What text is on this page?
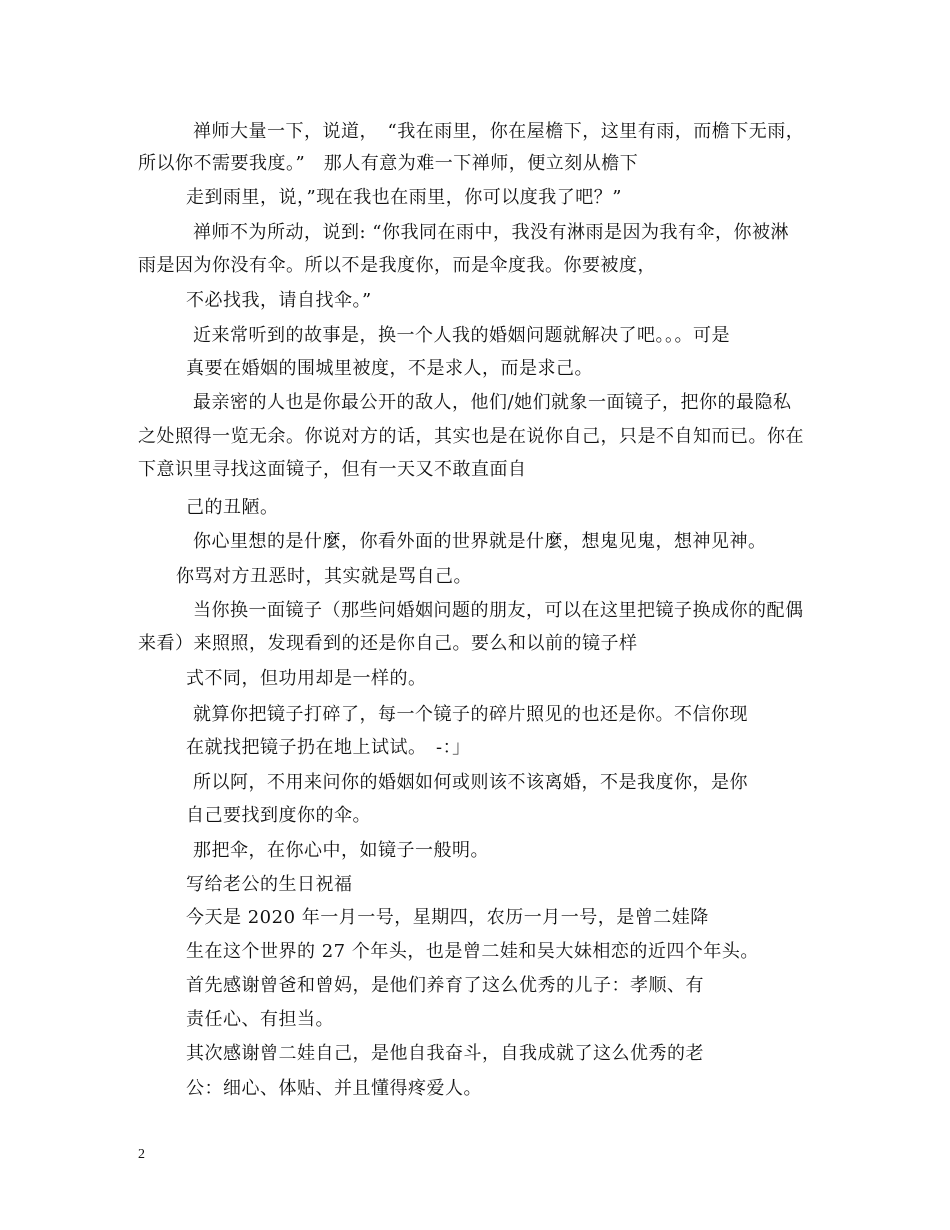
禅师大量一下，说道，　“我在雨里，你在屋檐下，这里有雨，而檐下无雨，
所以你不需要我度。”　那人有意为难一下禅师，便立刻从檐下
走到雨里，说，”现在我也在雨里，你可以度我了吧？”
禅师不为所动，说到: “你我同在雨中，我没有淋雨是因为我有伞，你被淋
雨是因为你没有伞。所以不是我度你，而是伞度我。你要被度，
不必找我，请自找伞。”
近来常听到的故事是，换一个人我的婚姻问题就解决了吧。。。可是
真要在婚姻的围城里被度，不是求人，而是求己。
最亲密的人也是你最公开的敌人，他们/她们就象一面镜子，把你的最隐私
之处照得一览无余。你说对方的话，其实也是在说你自己，只是不自知而已。你在
下意识里寻找这面镜子，但有一天又不敢直面自
己的丑陋。
你心里想的是什麼，你看外面的世界就是什麼，想鬼见鬼，想神见神。
你骂对方丑恶时，其实就是骂自己。
当你换一面镜子（那些问婚姻问题的朋友，可以在这里把镜子换成你的配偶
来看）来照照，发现看到的还是你自己。要么和以前的镜子样
式不同，但功用却是一样的。
就算你把镜子打碎了，每一个镜子的碎片照见的也还是你。不信你现
在就找把镜子扔在地上试试。　-：」
所以阿，不用来问你的婚姻如何或则该不该离婚，不是我度你，是你
自己要找到度你的伞。
那把伞，在你心中，如镜子一般明。
写给老公的生日祝福
今天是 2020 年一月一号，星期四，农历一月一号，是曾二娃降
生在这个世界的 27 个年头，也是曾二娃和吴大妹相恋的近四个年头。
首先感谢曾爸和曾妈，是他们养育了这么优秀的儿子：孝顺、有
责任心、有担当。
其次感谢曾二娃自己，是他自我奋斗，自我成就了这么优秀的老
公：细心、体贴、并且懂得疼爱人。
2
